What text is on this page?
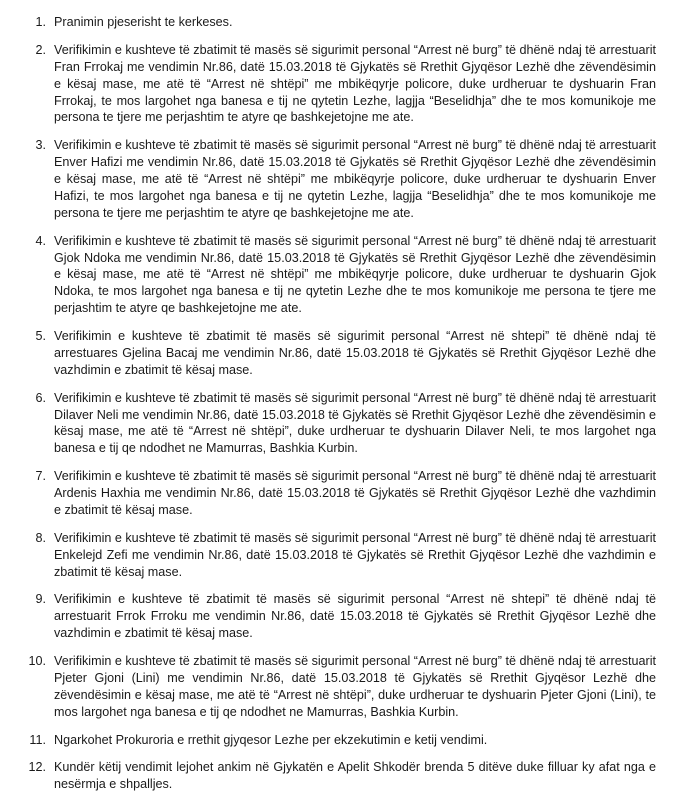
1. Pranimin pjeserisht te kerkeses.
2. Verifikimin e kushteve të zbatimit të masës së sigurimit personal “Arrest në burg” të dhënë ndaj të arrestuarit Fran Frrokaj me vendimin Nr.86, datë 15.03.2018 të Gjykatës së Rrethit Gjyqësor Lezhë dhe zëvendësimin e kësaj mase, me atë të “Arrest në shtëpi” me mbikëqyrje policore, duke urdheruar te dyshuarin Fran Frrokaj, te mos largohet nga banesa e tij ne qytetin Lezhe, lagjja “Beselidhja” dhe te mos komunikoje me persona te tjere me perjashtim te atyre qe bashkejetojne me ate.
3. Verifikimin e kushteve të zbatimit të masës së sigurimit personal “Arrest në burg” të dhënë ndaj të arrestuarit Enver Hafizi me vendimin Nr.86, datë 15.03.2018 të Gjykatës së Rrethit Gjyqësor Lezhë dhe zëvendësimin e kësaj mase, me atë të “Arrest në shtëpi” me mbikëqyrje policore, duke urdheruar te dyshuarin Enver Hafizi, te mos largohet nga banesa e tij ne qytetin Lezhe, lagjja “Beselidhja” dhe te mos komunikoje me persona te tjere me perjashtim te atyre qe bashkejetojne me ate.
4. Verifikimin e kushteve të zbatimit të masës së sigurimit personal “Arrest në burg” të dhënë ndaj të arrestuarit Gjok Ndoka me vendimin Nr.86, datë 15.03.2018 të Gjykatës së Rrethit Gjyqësor Lezhë dhe zëvendësimin e kësaj mase, me atë të “Arrest në shtëpi” me mbikëqyrje policore, duke urdheruar te dyshuarin Gjok Ndoka, te mos largohet nga banesa e tij ne qytetin Lezhe dhe te mos komunikoje me persona te tjere me perjashtim te atyre qe bashkejetojne me ate.
5. Verifikimin e kushteve të zbatimit të masës së sigurimit personal “Arrest në shtepi” të dhënë ndaj të arrestuares Gjelina Bacaj me vendimin Nr.86, datë 15.03.2018 të Gjykatës së Rrethit Gjyqësor Lezhë dhe vazhdimin e zbatimit të kësaj mase.
6. Verifikimin e kushteve të zbatimit të masës së sigurimit personal “Arrest në burg” të dhënë ndaj të arrestuarit Dilaver Neli me vendimin Nr.86, datë 15.03.2018 të Gjykatës së Rrethit Gjyqësor Lezhë dhe zëvendësimin e kësaj mase, me atë të “Arrest në shtëpi”, duke urdheruar te dyshuarin Dilaver Neli, te mos largohet nga banesa e tij qe ndodhet ne Mamurras, Bashkia Kurbin.
7. Verifikimin e kushteve të zbatimit të masës së sigurimit personal “Arrest në burg” të dhënë ndaj të arrestuarit Ardenis Haxhia me vendimin Nr.86, datë 15.03.2018 të Gjykatës së Rrethit Gjyqësor Lezhë dhe vazhdimin e zbatimit të kësaj mase.
8. Verifikimin e kushteve të zbatimit të masës së sigurimit personal “Arrest në burg” të dhënë ndaj të arrestuarit Enkelejd Zefi me vendimin Nr.86, datë 15.03.2018 të Gjykatës së Rrethit Gjyqësor Lezhë dhe vazhdimin e zbatimit të kësaj mase.
9. Verifikimin e kushteve të zbatimit të masës së sigurimit personal “Arrest në shtepi” të dhënë ndaj të arrestuarit Frrok Frroku me vendimin Nr.86, datë 15.03.2018 të Gjykatës së Rrethit Gjyqësor Lezhë dhe vazhdimin e zbatimit të kësaj mase.
10. Verifikimin e kushteve të zbatimit të masës së sigurimit personal “Arrest në burg” të dhënë ndaj të arrestuarit Pjeter Gjoni (Lini) me vendimin Nr.86, datë 15.03.2018 të Gjykatës së Rrethit Gjyqësor Lezhë dhe zëvendësimin e kësaj mase, me atë të “Arrest në shtëpi”, duke urdheruar te dyshuarin Pjeter Gjoni (Lini), te mos largohet nga banesa e tij qe ndodhet ne Mamurras, Bashkia Kurbin.
11. Ngarkohet Prokuroria e rrethit gjyqesor Lezhe per ekzekutimin e ketij vendimi.
12. Kundër këtij vendimit lejohet ankim në Gjykatën e Apelit Shkodër brenda 5 ditëve duke filluar ky afat nga e nesërmja e shpalljes.
